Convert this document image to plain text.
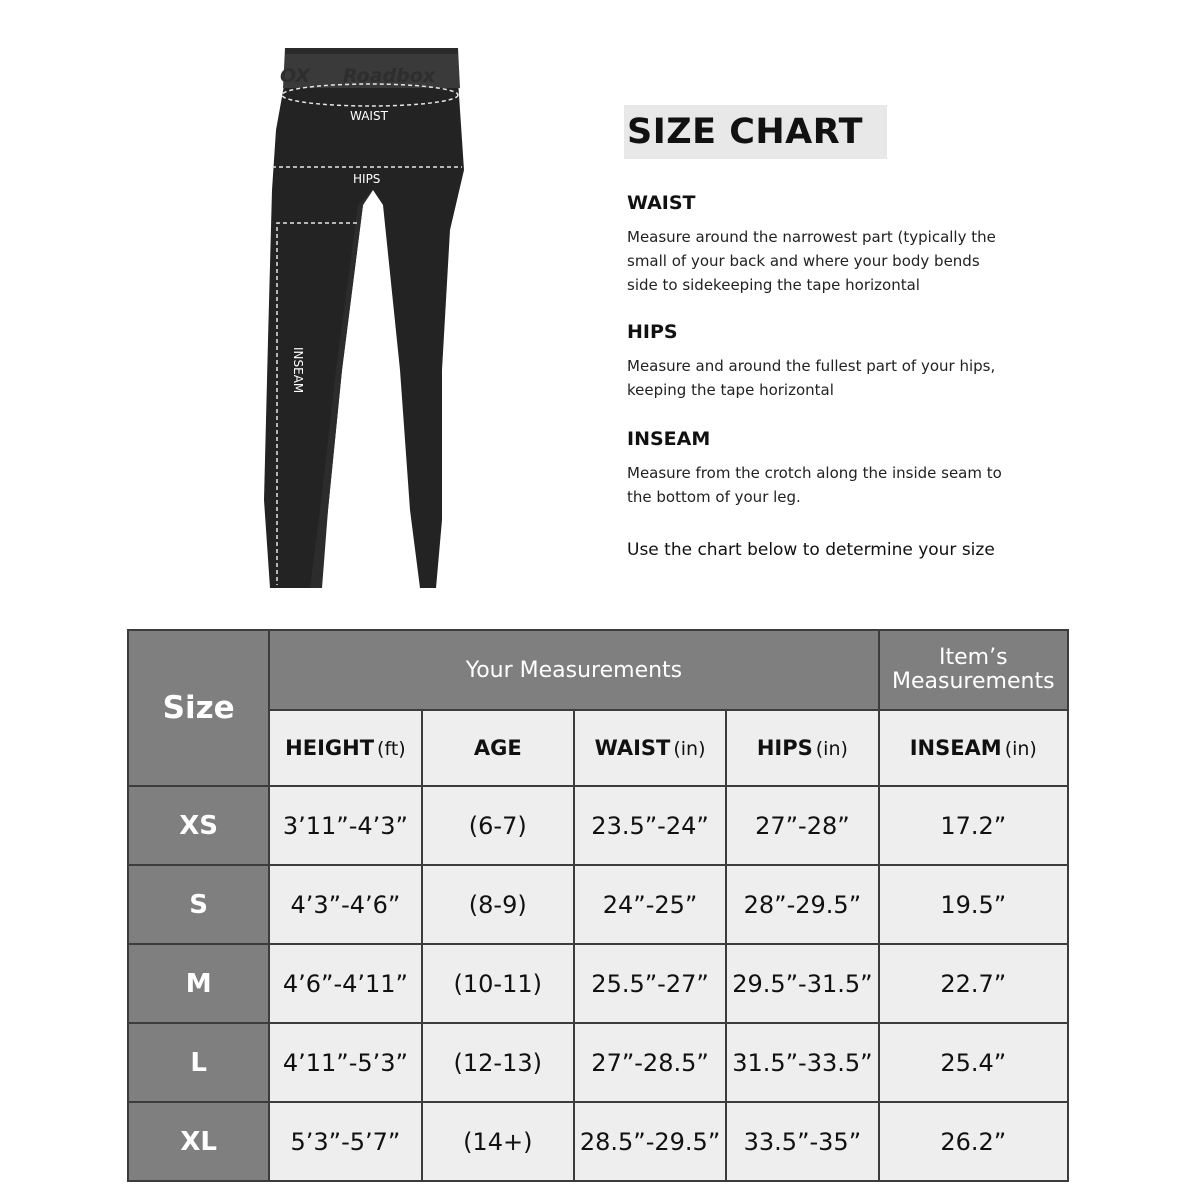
Roadbox
OX
WAIST
HIPS
INSEAM
SIZE CHART
WAIST

Measure around the narrowest part (typically the small of your back and where your body bends side to sidekeeping the tape horizontal

HIPS

Measure and around the fullest part of your hips, keeping the tape horizontal

INSEAM

Measure from the crotch along the inside seam to the bottom of your leg.

Use the chart below to determine your size

Size	Your Measurements				Item’s Measurements
	HEIGHT (ft)	AGE	WAIST (in)	HIPS (in)	INSEAM (in)
XS	3’11”-4’3”	(6-7)	23.5”-24”	27”-28”	17.2”
S	4’3”-4’6”	(8-9)	24”-25”	28”-29.5”	19.5”
M	4’6”-4’11”	(10-11)	25.5”-27”	29.5”-31.5”	22.7”
L	4’11”-5’3”	(12-13)	27”-28.5”	31.5”-33.5”	25.4”
XL	5’3”-5’7”	(14+)	28.5”-29.5”	33.5”-35”	26.2”
